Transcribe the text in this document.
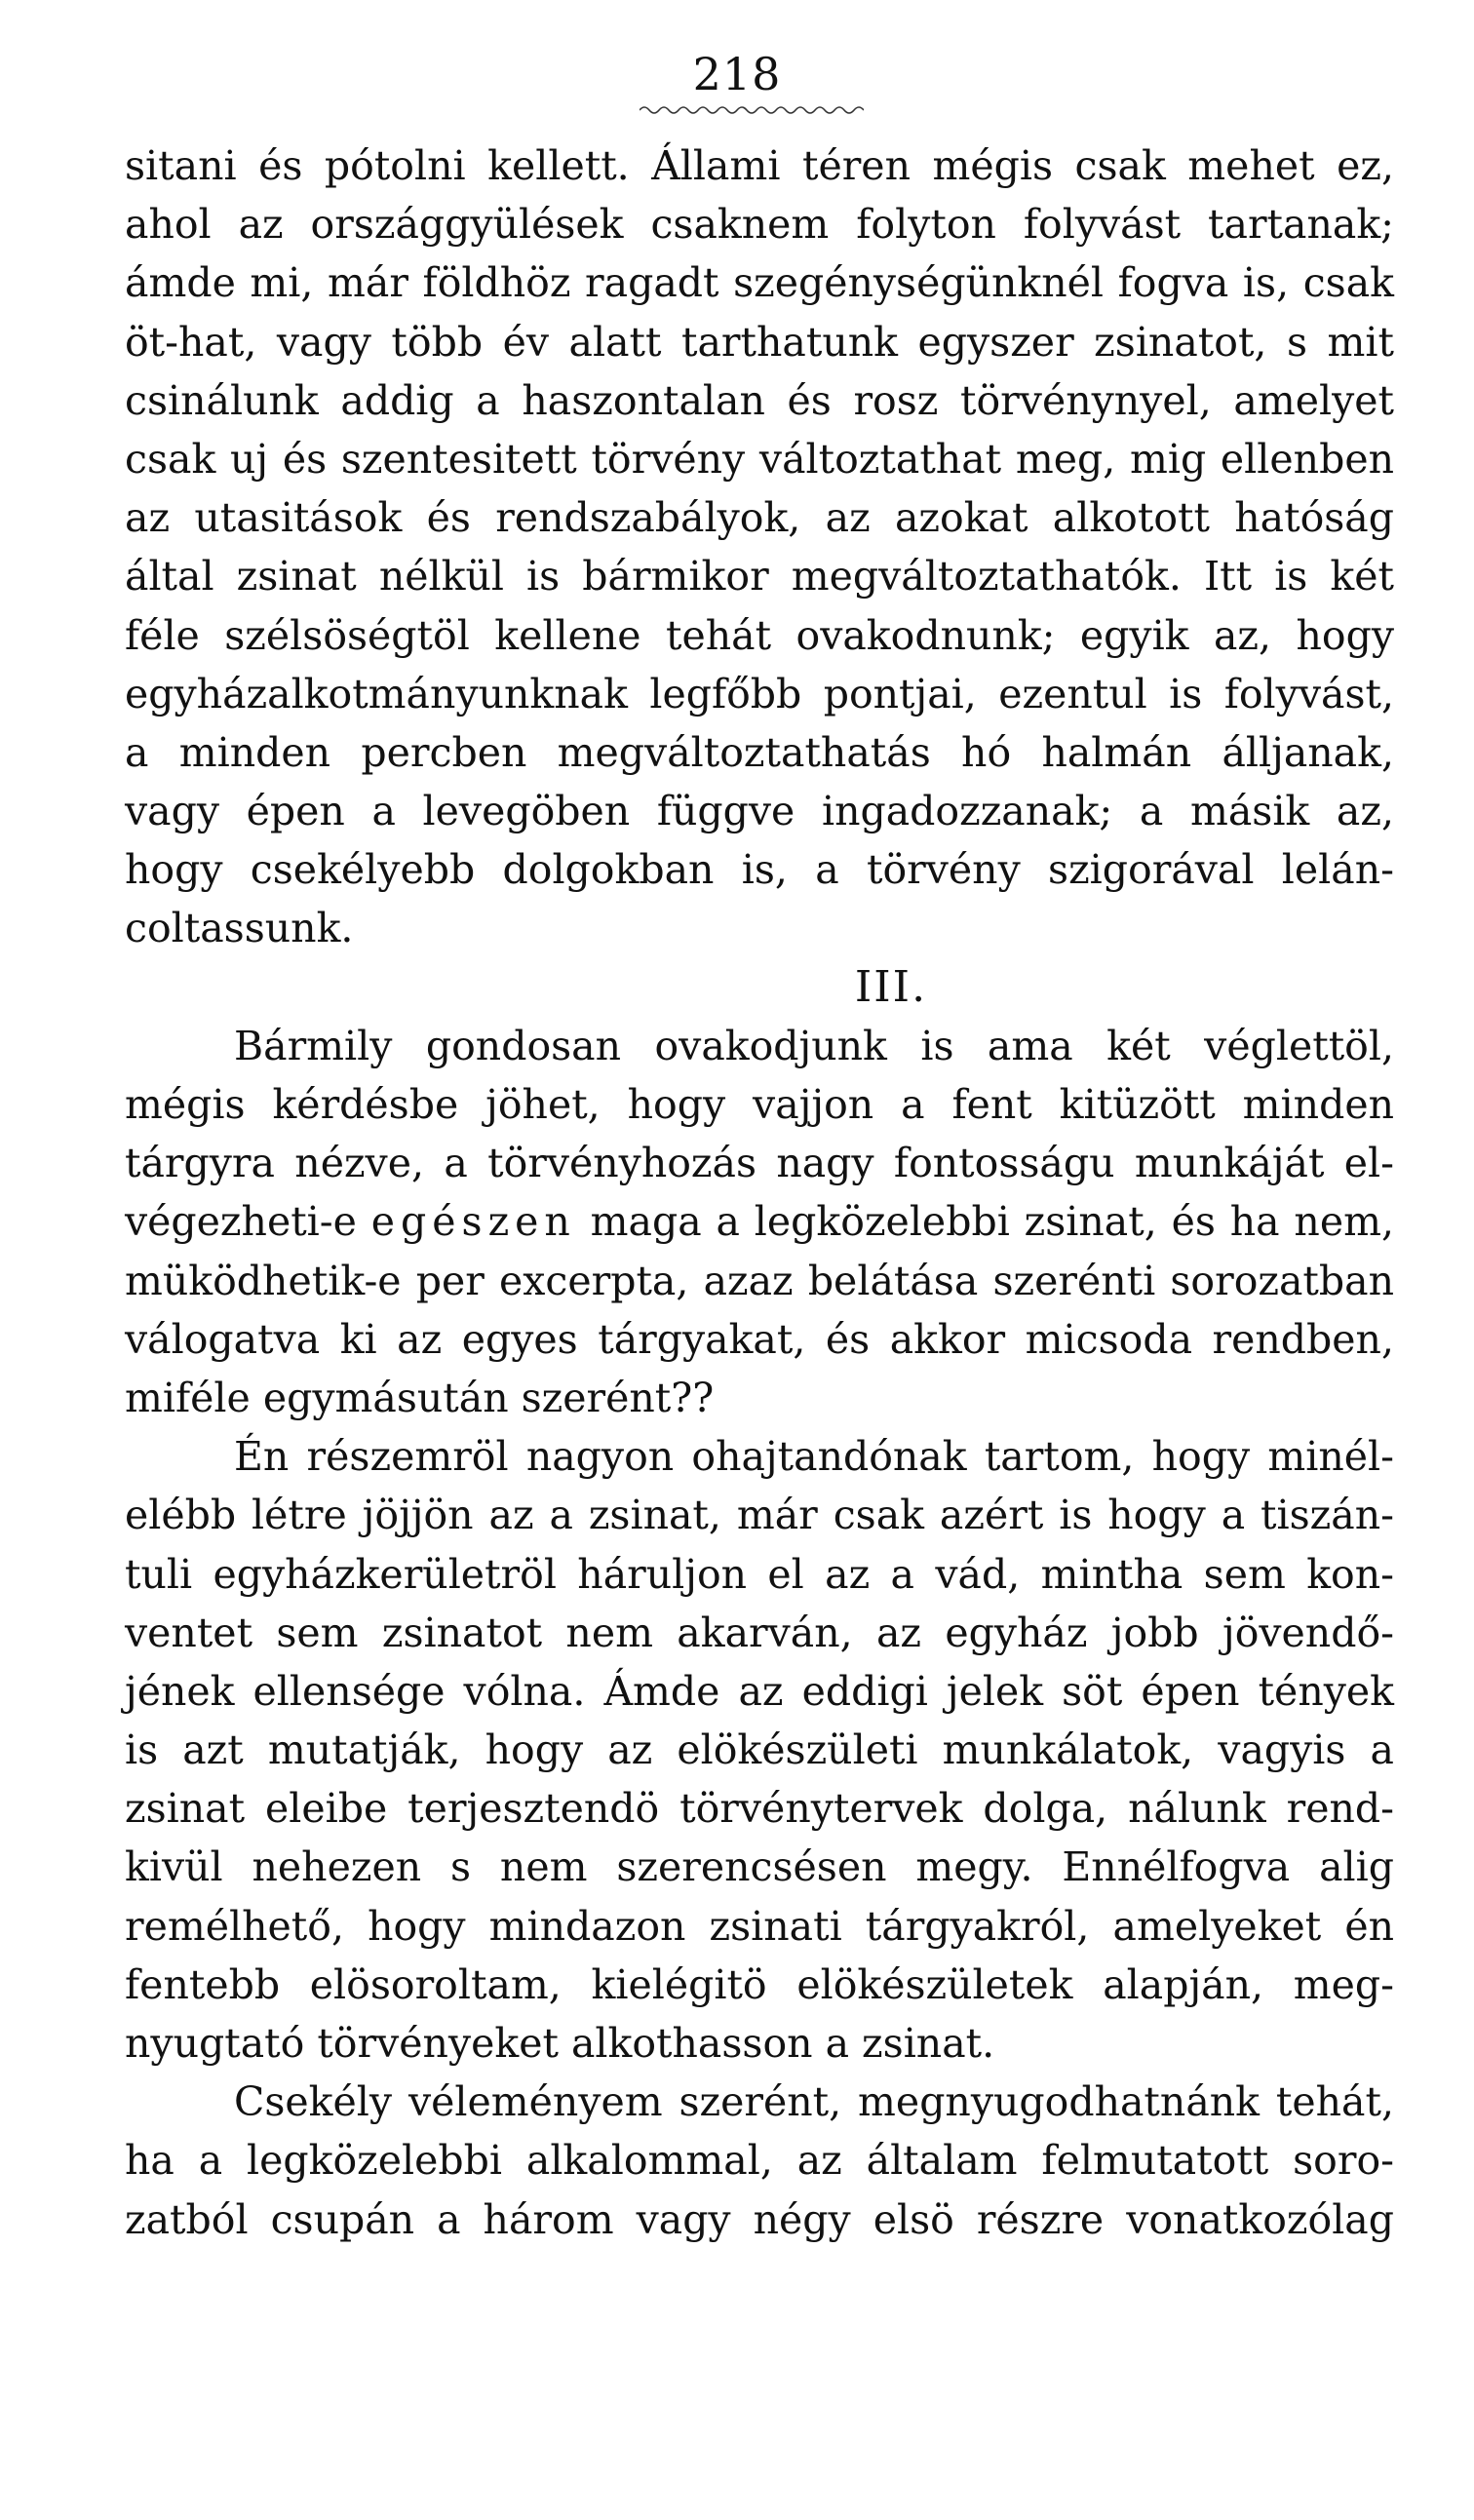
218
sitani és pótolni kellett. Állami téren mégis csak mehet ez,
ahol az országgyülések csaknem folyton folyvást tartanak;
ámde mi, már földhöz ragadt szegénységünknél fogva is, csak
öt-hat, vagy több év alatt tarthatunk egyszer zsinatot, s mit
csinálunk addig a haszontalan és rosz törvénynyel, amelyet
csak uj és szentesitett törvény változtathat meg, mig ellenben
az utasitások és rendszabályok, az azokat alkotott hatóság
által zsinat nélkül is bármikor megváltoztathatók. Itt is két
féle szélsöségtöl kellene tehát ovakodnunk; egyik az, hogy
egyházalkotmányunknak legfőbb pontjai, ezentul is folyvást,
a minden percben megváltoztathatás hó halmán álljanak,
vagy épen a levegöben függve ingadozzanak; a másik az,
hogy csekélyebb dolgokban is, a törvény szigorával lelán-
coltassunk.
III.
Bármily gondosan ovakodjunk is ama két véglettöl,
mégis kérdésbe jöhet, hogy vajjon a fent kitüzött minden
tárgyra nézve, a törvényhozás nagy fontosságu munkáját el-
végezheti-e egészen maga a legközelebbi zsinat, és ha nem,
müködhetik-e per excerpta, azaz belátása szerénti sorozatban
válogatva ki az egyes tárgyakat, és akkor micsoda rendben,
miféle egymásután szerént??
Én részemröl nagyon ohajtandónak tartom, hogy minél-
elébb létre jöjjön az a zsinat, már csak azért is hogy a tiszán-
tuli egyházkerületröl háruljon el az a vád, mintha sem kon-
ventet sem zsinatot nem akarván, az egyház jobb jövendő-
jének ellensége vólna. Ámde az eddigi jelek söt épen tények
is azt mutatják, hogy az elökészületi munkálatok, vagyis a
zsinat eleibe terjesztendö törvénytervek dolga, nálunk rend-
kivül nehezen s nem szerencsésen megy. Ennélfogva alig
remélhető, hogy mindazon zsinati tárgyakról, amelyeket én
fentebb elösoroltam, kielégitö elökészületek alapján, meg-
nyugtató törvényeket alkothasson a zsinat.
Csekély véleményem szerént, megnyugodhatnánk tehát,
ha a legközelebbi alkalommal, az általam felmutatott soro-
zatból csupán a három vagy négy elsö részre vonatkozólag
